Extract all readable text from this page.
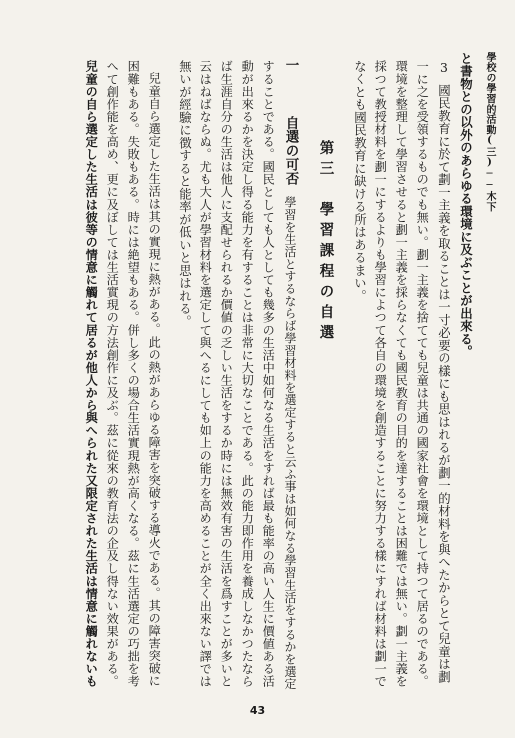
學校の學習的活動(三)──木下
と書物との以外のあらゆる環境に及ぶことが出來る。
3
國民教育に於て劃一主義を取ることは一寸必要の樣にも思はれるが劃一的材料を與へたからとて兒童は劃
一に之を受領するものでも無い。劃一主義を捨てても兒童は共通の國家社會を環境として持つて居るのである。
環境を整理して學習させると劃一主義を採らなくても國民教育の目的を達することは困難では無い。劃一主義を
採つて教授材料を劃一にするよりも學習によつて各自の環境を創造することに努力する樣にすれば材料は劃一で
なくとも國民教育に缺ける所はあるまい。
第三　學習課程の自選
一
自選の可否
學習を生活とするならば學習材料を選定すると云ふ事は如何なる學習生活をするかを選定
することである。國民としても人としても幾多の生活中如何なる生活をすれば最も能率の高い人生に價値ある活
動が出來るかを決定し得る能力を有することは非常に大切なことである。此の能力即作用を養成しなかつたなら
ば生涯自分の生活は他人に支配せられるか價値の乏しい生活をするか時には無效有害の生活を爲すことが多いと
云はねばならぬ。尤も大人が學習材料を選定して與へるにしても如上の能力を高めることが全く出來ない譯では
無いが經驗に徴すると能率が低いと思はれる。
兒童自ら選定した生活は其の實現に熱がある。此の熱があらゆる障害を突破する導火である。其の障害突破に
困難もある。失敗もある。時には絶望もある。併し多くの場合生活實現熱が高くなる。茲に生活選定の巧拙を考
へて創作能を高め、更に及ぼしては生活實現の方法創作に及ぶ。茲に從來の教育法の企及し得ない效果がある。
兒童の自ら選定した生活は彼等の情意に觸れて居るが他人から與へられた又限定された生活は情意に觸れないも
43
